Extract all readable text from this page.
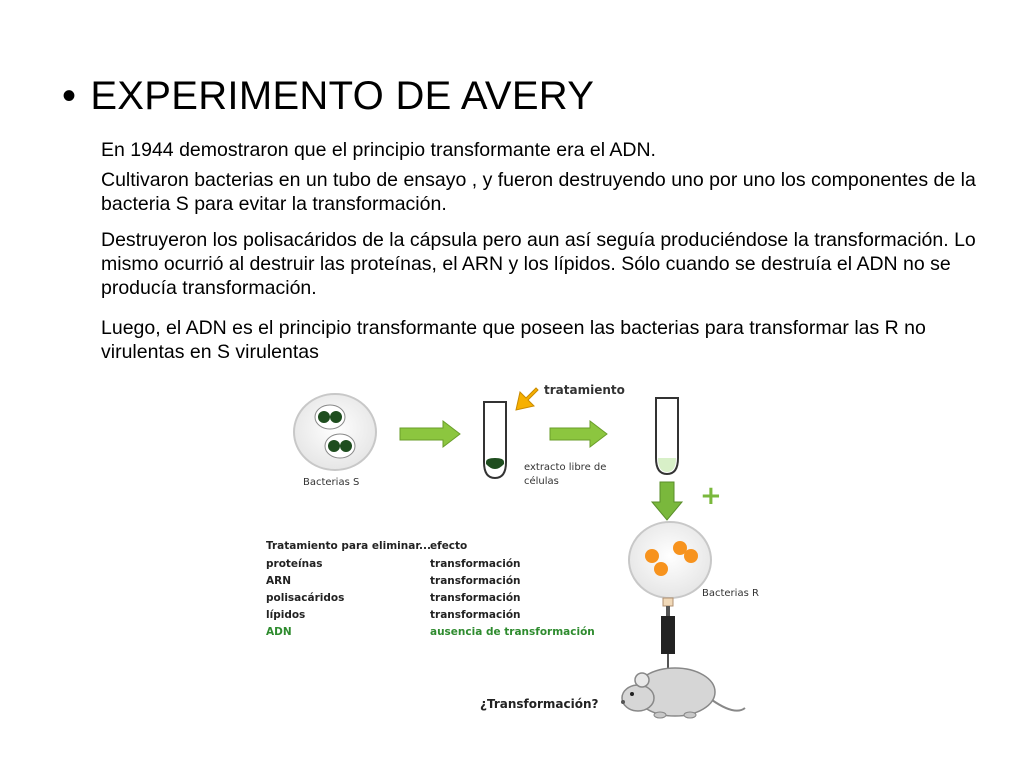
• EXPERIMENTO DE AVERY

En 1944 demostraron que el principio transformante era el ADN.

Cultivaron bacterias en un tubo de ensayo , y fueron destruyendo uno por uno los componentes de la bacteria S para evitar la transformación.

Destruyeron los polisacáridos de la cápsula pero aun así seguía produciéndose la transformación. Lo mismo ocurrió al destruir las proteínas, el ARN y los lípidos. Sólo cuando se destruía el ADN no se producía transformación.

Luego, el ADN es el principio transformante que poseen las bacterias para transformar las R no virulentas en S virulentas

Bacterias S
tratamiento
extracto libre de
células	+
Bacterias R
¿Transformación?
Tratamiento para eliminar... efecto
proteínas	transformación
ARN	transformación
polisacáridos	transformación
lípidos	transformación
ADN	ausencia de transformación
